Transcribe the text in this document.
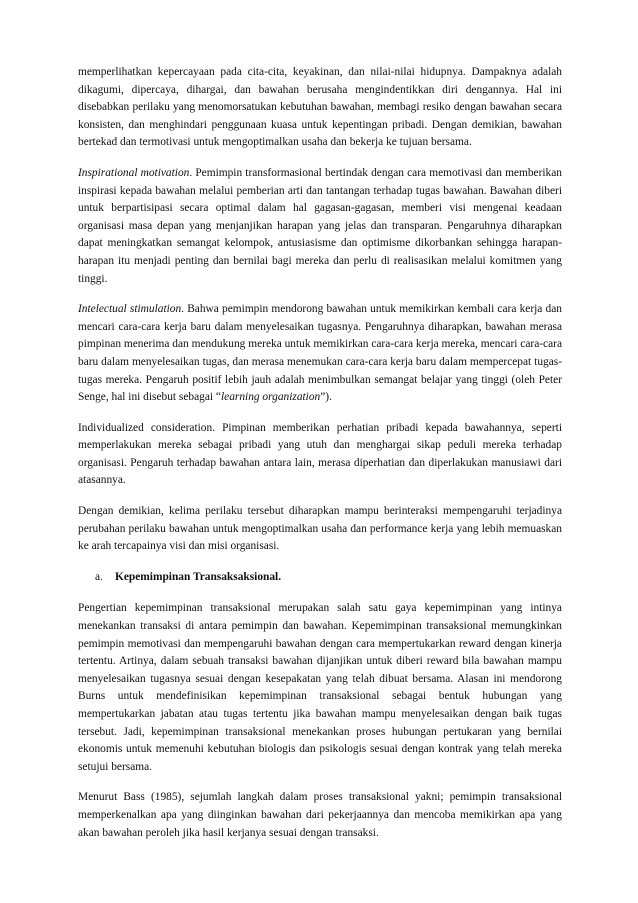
memperlihatkan kepercayaan pada cita-cita, keyakinan, dan nilai-nilai hidupnya. Dampaknya adalah dikagumi, dipercaya, dihargai, dan bawahan berusaha mengindentikkan diri dengannya. Hal ini disebabkan perilaku yang menomorsatukan kebutuhan bawahan, membagi resiko dengan bawahan secara konsisten, dan menghindari penggunaan kuasa untuk kepentingan pribadi. Dengan demikian, bawahan bertekad dan termotivasi untuk mengoptimalkan usaha dan bekerja ke tujuan bersama.

Inspirational motivation. Pemimpin transformasional bertindak dengan cara memotivasi dan memberikan inspirasi kepada bawahan melalui pemberian arti dan tantangan terhadap tugas bawahan. Bawahan diberi untuk berpartisipasi secara optimal dalam hal gagasan-gagasan, memberi visi mengenai keadaan organisasi masa depan yang menjanjikan harapan yang jelas dan transparan. Pengaruhnya diharapkan dapat meningkatkan semangat kelompok, antusiasisme dan optimisme dikorbankan sehingga harapan-harapan itu menjadi penting dan bernilai bagi mereka dan perlu di realisasikan melalui komitmen yang tinggi.

Intelectual stimulation. Bahwa pemimpin mendorong bawahan untuk memikirkan kembali cara kerja dan mencari cara-cara kerja baru dalam menyelesaikan tugasnya. Pengaruhnya diharapkan, bawahan merasa pimpinan menerima dan mendukung mereka untuk memikirkan cara-cara kerja mereka, mencari cara-cara baru dalam menyelesaikan tugas, dan merasa menemukan cara-cara kerja baru dalam mempercepat tugas-tugas mereka. Pengaruh positif lebih jauh adalah menimbulkan semangat belajar yang tinggi (oleh Peter Senge, hal ini disebut sebagai “learning organization”).

Individualized consideration. Pimpinan memberikan perhatian pribadi kepada bawahannya, seperti memperlakukan mereka sebagai pribadi yang utuh dan menghargai sikap peduli mereka terhadap organisasi. Pengaruh terhadap bawahan antara lain, merasa diperhatian dan diperlakukan manusiawi dari atasannya.

Dengan demikian, kelima perilaku tersebut diharapkan mampu berinteraksi mempengaruhi terjadinya perubahan perilaku bawahan untuk mengoptimalkan usaha dan performance kerja yang lebih memuaskan ke arah tercapainya visi dan misi organisasi.

a. Kepemimpinan Transaksaksional.

Pengertian kepemimpinan transaksional merupakan salah satu gaya kepemimpinan yang intinya menekankan transaksi di antara pemimpin dan bawahan. Kepemimpinan transaksional memungkinkan pemimpin memotivasi dan mempengaruhi bawahan dengan cara mempertukarkan reward dengan kinerja tertentu. Artinya, dalam sebuah transaksi bawahan dijanjikan untuk diberi reward bila bawahan mampu menyelesaikan tugasnya sesuai dengan kesepakatan yang telah dibuat bersama. Alasan ini mendorong Burns untuk mendefinisikan kepemimpinan transaksional sebagai bentuk hubungan yang mempertukarkan jabatan atau tugas tertentu jika bawahan mampu menyelesaikan dengan baik tugas tersebut. Jadi, kepemimpinan transaksional menekankan proses hubungan pertukaran yang bernilai ekonomis untuk memenuhi kebutuhan biologis dan psikologis sesuai dengan kontrak yang telah mereka setujui bersama.

Menurut Bass (1985), sejumlah langkah dalam proses transaksional yakni; pemimpin transaksional memperkenalkan apa yang diinginkan bawahan dari pekerjaannya dan mencoba memikirkan apa yang akan bawahan peroleh jika hasil kerjanya sesuai dengan transaksi.
